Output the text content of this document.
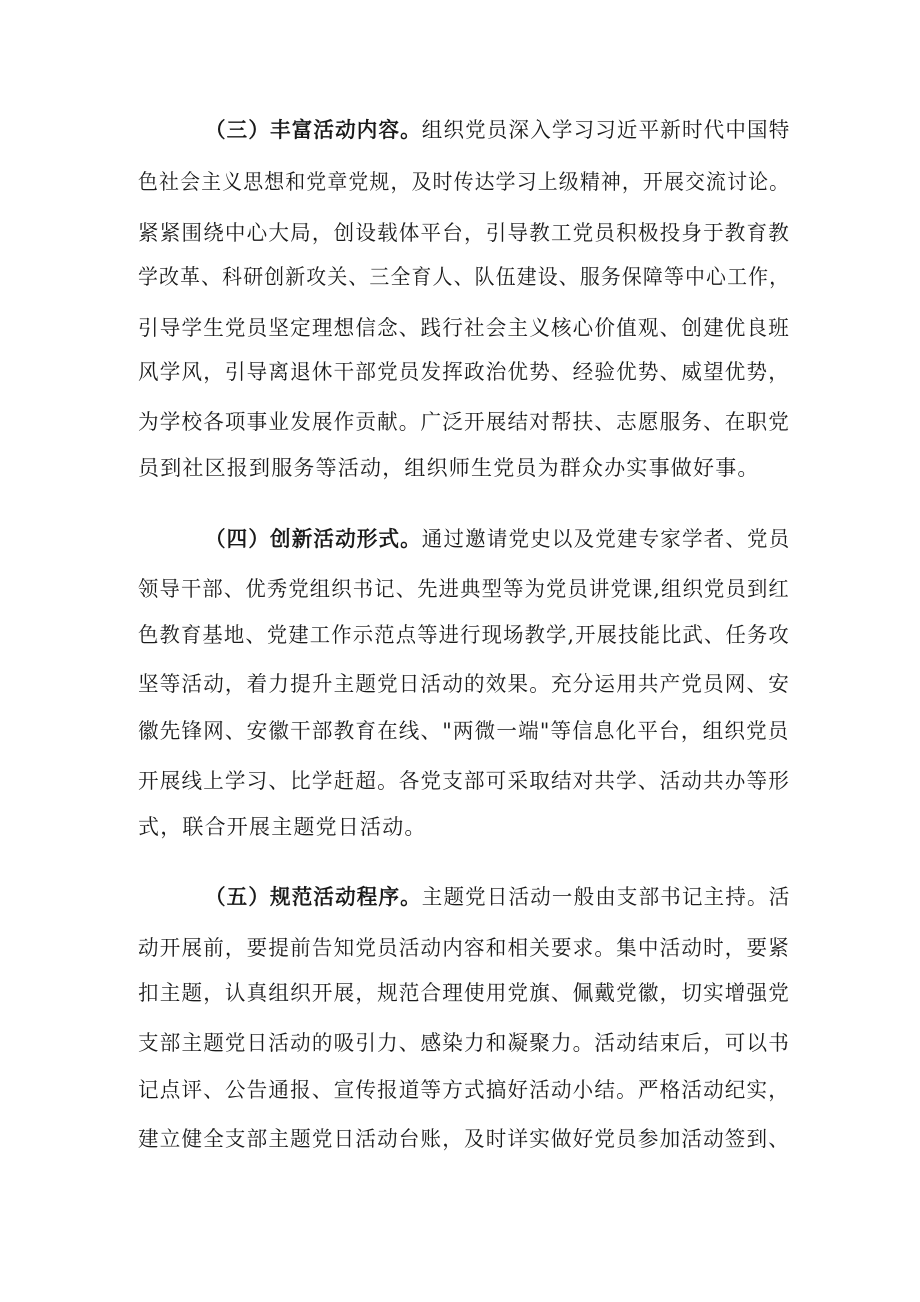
（三）丰富活动内容。组织党员深入学习习近平新时代中国特
色社会主义思想和党章党规，及时传达学习上级精神，开展交流讨论。
紧紧围绕中心大局，创设载体平台，引导教工党员积极投身于教育教
学改革、科研创新攻关、三全育人、队伍建设、服务保障等中心工作，
引导学生党员坚定理想信念、践行社会主义核心价值观、创建优良班
风学风，引导离退休干部党员发挥政治优势、经验优势、威望优势，
为学校各项事业发展作贡献。广泛开展结对帮扶、志愿服务、在职党
员到社区报到服务等活动，组织师生党员为群众办实事做好事。
（四）创新活动形式。通过邀请党史以及党建专家学者、党员
领导干部、优秀党组织书记、先进典型等为党员讲党课,组织党员到红
色教育基地、党建工作示范点等进行现场教学,开展技能比武、任务攻
坚等活动，着力提升主题党日活动的效果。充分运用共产党员网、安
徽先锋网、安徽干部教育在线、"两微一端"等信息化平台，组织党员
开展线上学习、比学赶超。各党支部可采取结对共学、活动共办等形
式，联合开展主题党日活动。
（五）规范活动程序。主题党日活动一般由支部书记主持。活
动开展前，要提前告知党员活动内容和相关要求。集中活动时，要紧
扣主题，认真组织开展，规范合理使用党旗、佩戴党徽，切实增强党
支部主题党日活动的吸引力、感染力和凝聚力。活动结束后，可以书
记点评、公告通报、宣传报道等方式搞好活动小结。严格活动纪实，
建立健全支部主题党日活动台账，及时详实做好党员参加活动签到、
